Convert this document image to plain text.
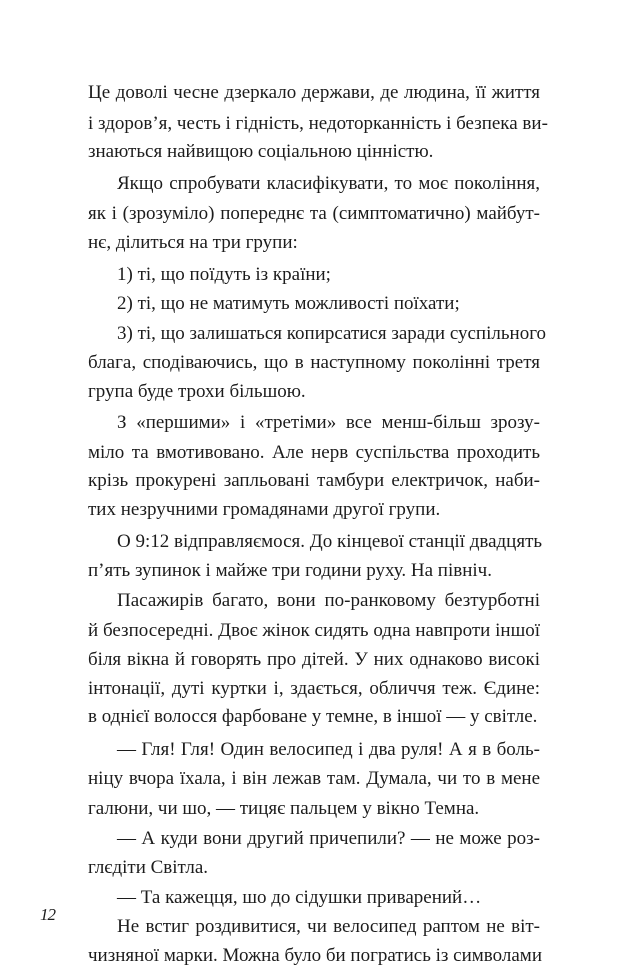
Це доволі чесне дзеркало держави, де людина, її життя
і здоров’я, честь і гідність, недоторканність і безпека ви-
знаються найвищою соціальною цінністю.
Якщо спробувати класифікувати, то моє покоління,
як і (зрозуміло) попереднє та (симптоматично) майбут-
нє, ділиться на три групи:
1) ті, що поїдуть із країни;
2) ті, що не матимуть можливості поїхати;
3) ті, що залишаться копирсатися заради суспільного
блага, сподіваючись, що в наступному поколінні третя
група буде трохи більшою.
З «першими» і «третіми» все менш-більш зрозу-
міло та вмотивовано. Але нерв суспільства проходить
крізь прокурені запльовані тамбури електричок, наби-
тих незручними громадянами другої групи.
О 9:12 відправляємося. До кінцевої станції двадцять
п’ять зупинок і майже три години руху. На північ.
Пасажирів багато, вони по-ранковому безтурботні
й безпосередні. Двоє жінок сидять одна навпроти іншої
біля вікна й говорять про дітей. У них однаково високі
інтонації, дуті куртки і, здається, обличчя теж. Єдине:
в однієї волосся фарбоване у темне, в іншої — у світле.
— Гля! Гля! Один велосипед і два руля! А я в боль-
ніцу вчора їхала, і він лежав там. Думала, чи то в мене
галюни, чи шо, — тицяє пальцем у вікно Темна.
— А куди вони другий причепили? — не може роз-
глєдіти Світла.
— Та кажецця, шо до сідушки приварений…
Не встиг роздивитися, чи велосипед раптом не віт-
чизняної марки. Можна було би погратись із символами
12
